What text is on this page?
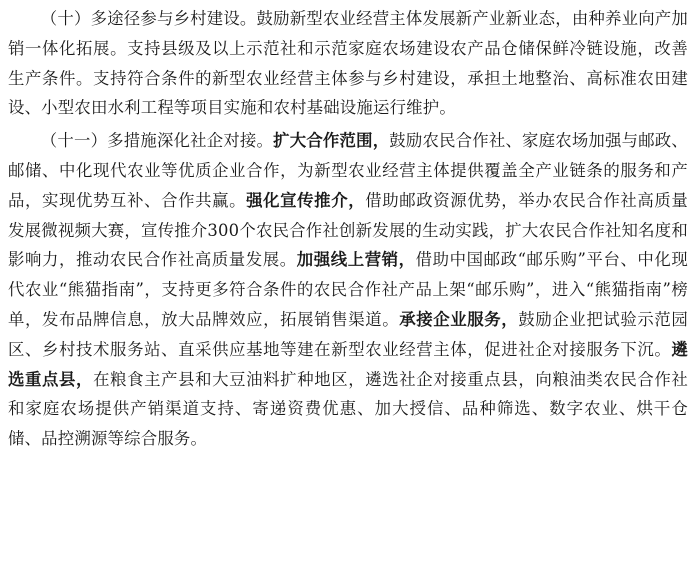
（十）多途径参与乡村建设。鼓励新型农业经营主体发展新产业新业态，由种养业向产加销一体化拓展。支持县级及以上示范社和示范家庭农场建设农产品仓储保鲜冷链设施，改善生产条件。支持符合条件的新型农业经营主体参与乡村建设，承担土地整治、高标准农田建设、小型农田水利工程等项目实施和农村基础设施运行维护。

（十一）多措施深化社企对接。扩大合作范围，鼓励农民合作社、家庭农场加强与邮政、邮储、中化现代农业等优质企业合作，为新型农业经营主体提供覆盖全产业链条的服务和产品，实现优势互补、合作共赢。强化宣传推介，借助邮政资源优势，举办农民合作社高质量发展微视频大赛，宣传推介300个农民合作社创新发展的生动实践，扩大农民合作社知名度和影响力，推动农民合作社高质量发展。加强线上营销，借助中国邮政“邮乐购”平台、中化现代农业“熊猫指南”，支持更多符合条件的农民合作社产品上架“邮乐购”，进入“熊猫指南”榜单，发布品牌信息，放大品牌效应，拓展销售渠道。承接企业服务，鼓励企业把试验示范园区、乡村技术服务站、直采供应基地等建在新型农业经营主体，促进社企对接服务下沉。遴选重点县，在粮食主产县和大豆油料扩种地区，遴选社企对接重点县，向粮油类农民合作社和家庭农场提供产销渠道支持、寄递资费优惠、加大授信、品种筛选、数字农业、烘干仓储、品控溯源等综合服务。
